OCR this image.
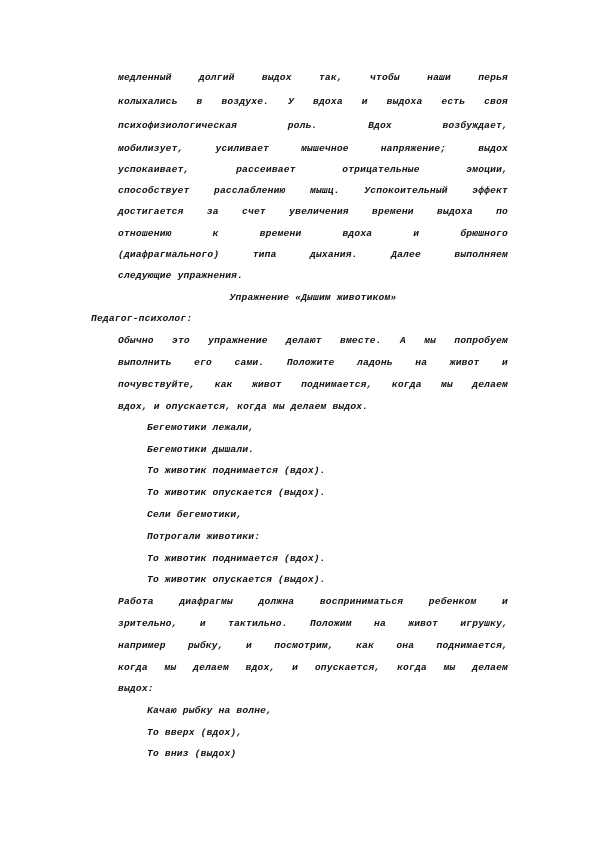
медленный долгий выдох так, чтобы наши перья
колыхались в воздухе. У вдоха и выдоха есть своя
психофизиологическая роль. Вдох возбуждает,
мобилизует, усиливает мышечное напряжение; выдох
успокаивает, рассеивает отрицательные эмоции,
способствует расслаблению мышц. Успокоительный эффект
достигается за счет увеличения времени выдоха по
отношению к времени вдоха и брюшного
(диафрагмального) типа дыхания. Далее выполняем
следующие упражнения.
Упражнение «Дышим животиком»
Педагог-психолог:
Обычно это упражнение делают вместе. А мы попробуем
выполнить его сами. Положите ладонь на живот и
почувствуйте, как живот поднимается, когда мы делаем
вдох, и опускается, когда мы делаем выдох.
Бегемотики лежали,
Бегемотики дышали.
То животик поднимается (вдох).
То животик опускается (выдох).
Сели бегемотики,
Потрогали животики:
То животик поднимается (вдох).
То животик опускается (выдох).
Работа диафрагмы должна восприниматься ребенком и
зрительно, и тактильно. Положим на живот игрушку,
например рыбку, и посмотрим, как она поднимается,
когда мы делаем вдох, и опускается, когда мы делаем
выдох:
Качаю рыбку на волне,
То вверх (вдох),
То вниз (выдох)
